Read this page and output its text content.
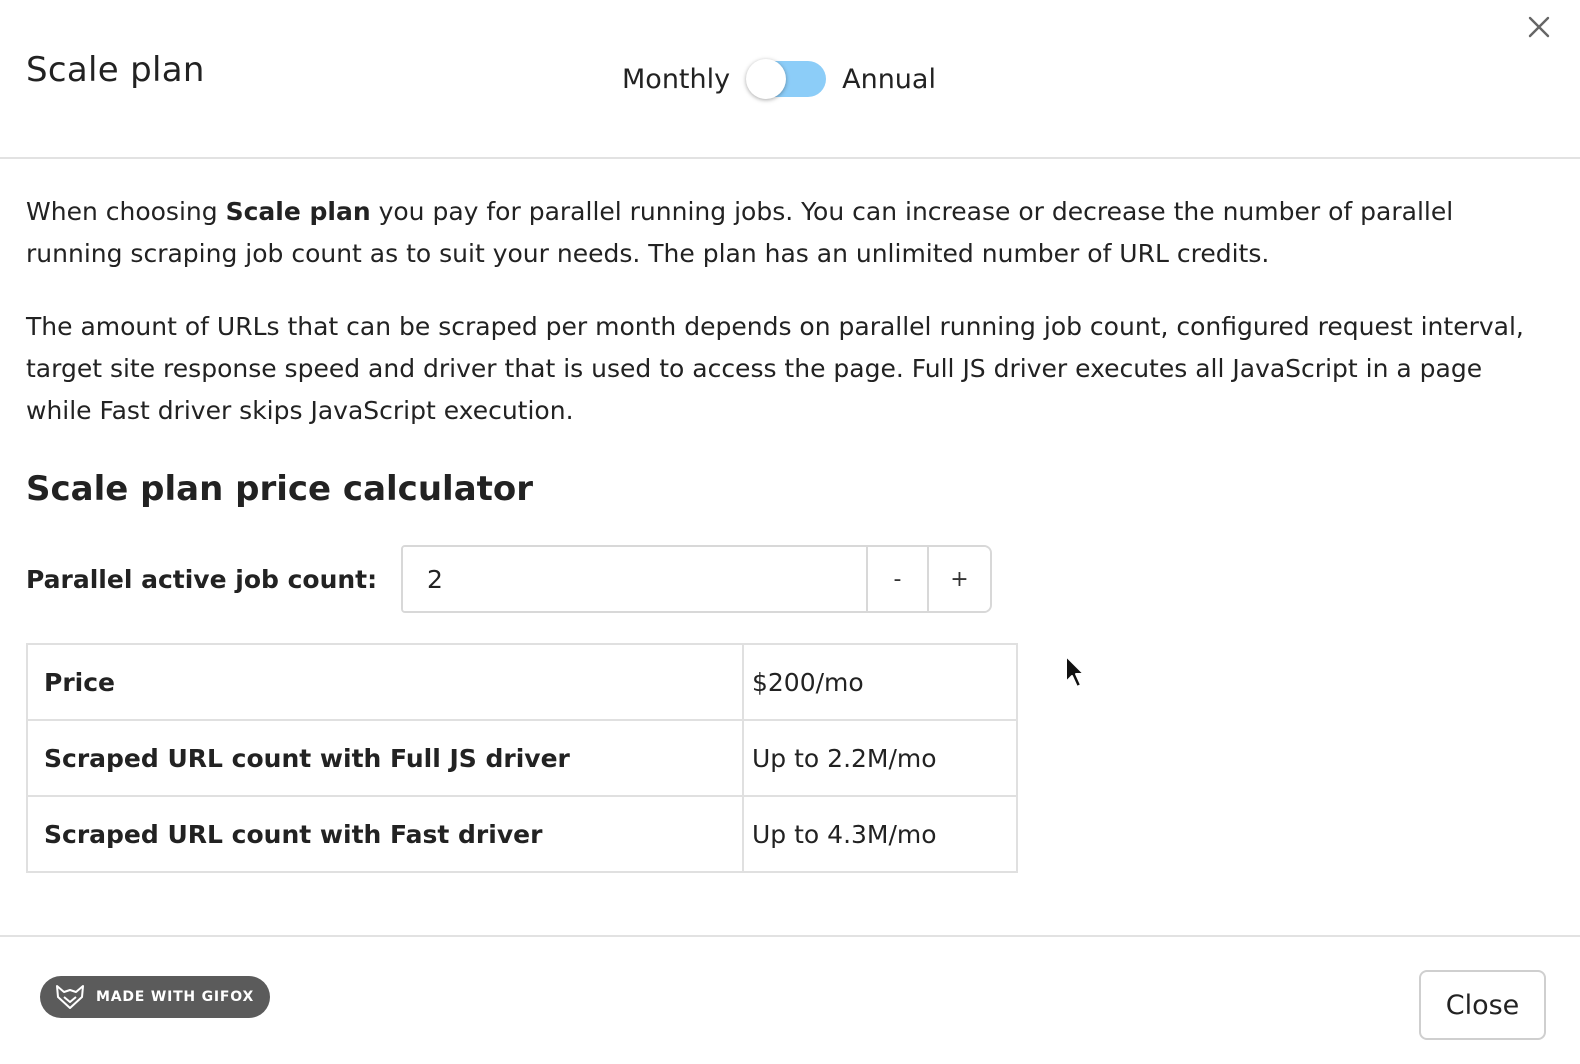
Scale plan	Monthly	Annual

When choosing Scale plan you pay for parallel running jobs. You can increase or decrease the number of parallel running scraping job count as to suit your needs. The plan has an unlimited number of URL credits.

The amount of URLs that can be scraped per month depends on parallel running job count, configured request interval, target site response speed and driver that is used to access the page. Full JS driver executes all JavaScript in a page while Fast driver skips JavaScript execution.

Scale plan price calculator
Parallel active job count:
2	-	+
Price	$200/mo
Scraped URL count with Full JS driver	Up to 2.2M/mo
Scraped URL count with Fast driver	Up to 4.3M/mo
MADE WITH GIFOX	Close
